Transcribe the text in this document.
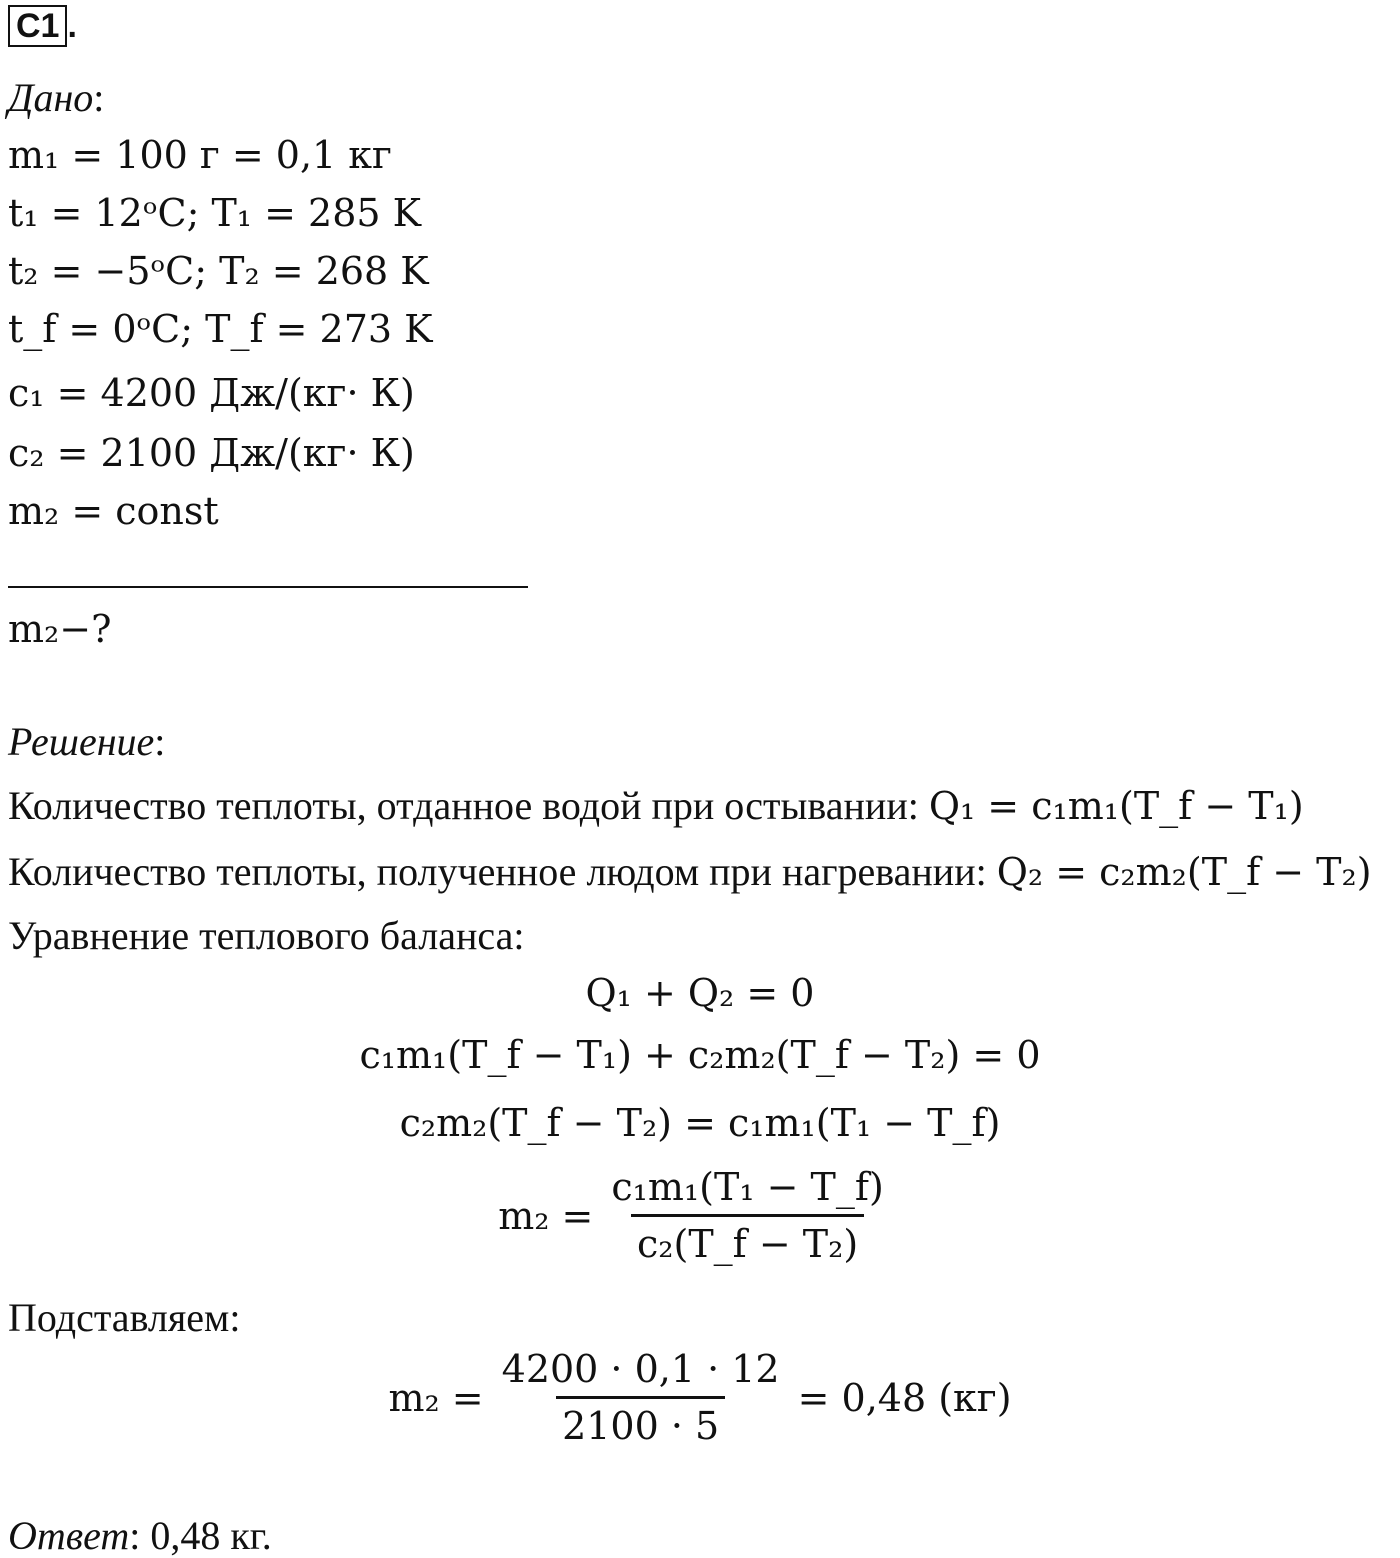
C1 .
Дано:
m₁ = 100 г = 0,1 кг
t₁ = 12ᵒC; T₁ = 285 K
t₂ = −5ᵒC; T₂ = 268 K
t_f = 0ᵒC; T_f = 273 K
c₁ = 4200 Дж/(кг· К)
c₂ = 2100 Дж/(кг· К)
m₂ = const
m₂−?
Решение:
Количество теплоты, отданное водой при остывании: Q₁ = c₁m₁(T_f − T₁)
Количество теплоты, полученное людом при нагревании: Q₂ = c₂m₂(T_f − T₂)
Уравнение теплового баланса:
Q₁ + Q₂ = 0
c₁m₁(T_f − T₁) + c₂m₂(T_f − T₂) = 0
c₂m₂(T_f − T₂) = c₁m₁(T₁ − T_f)
$m_2 = \frac{\text{c₁m₁(T₁ − T\_f)}}{\text{c₂(T\_f − T₂)}}$
Подставляем:
$m_2 = \frac{4200 \cdot 0,1 \cdot 12}{2100 \cdot 5} = 0,48$ (кг)
Ответ: 0,48 кг.
